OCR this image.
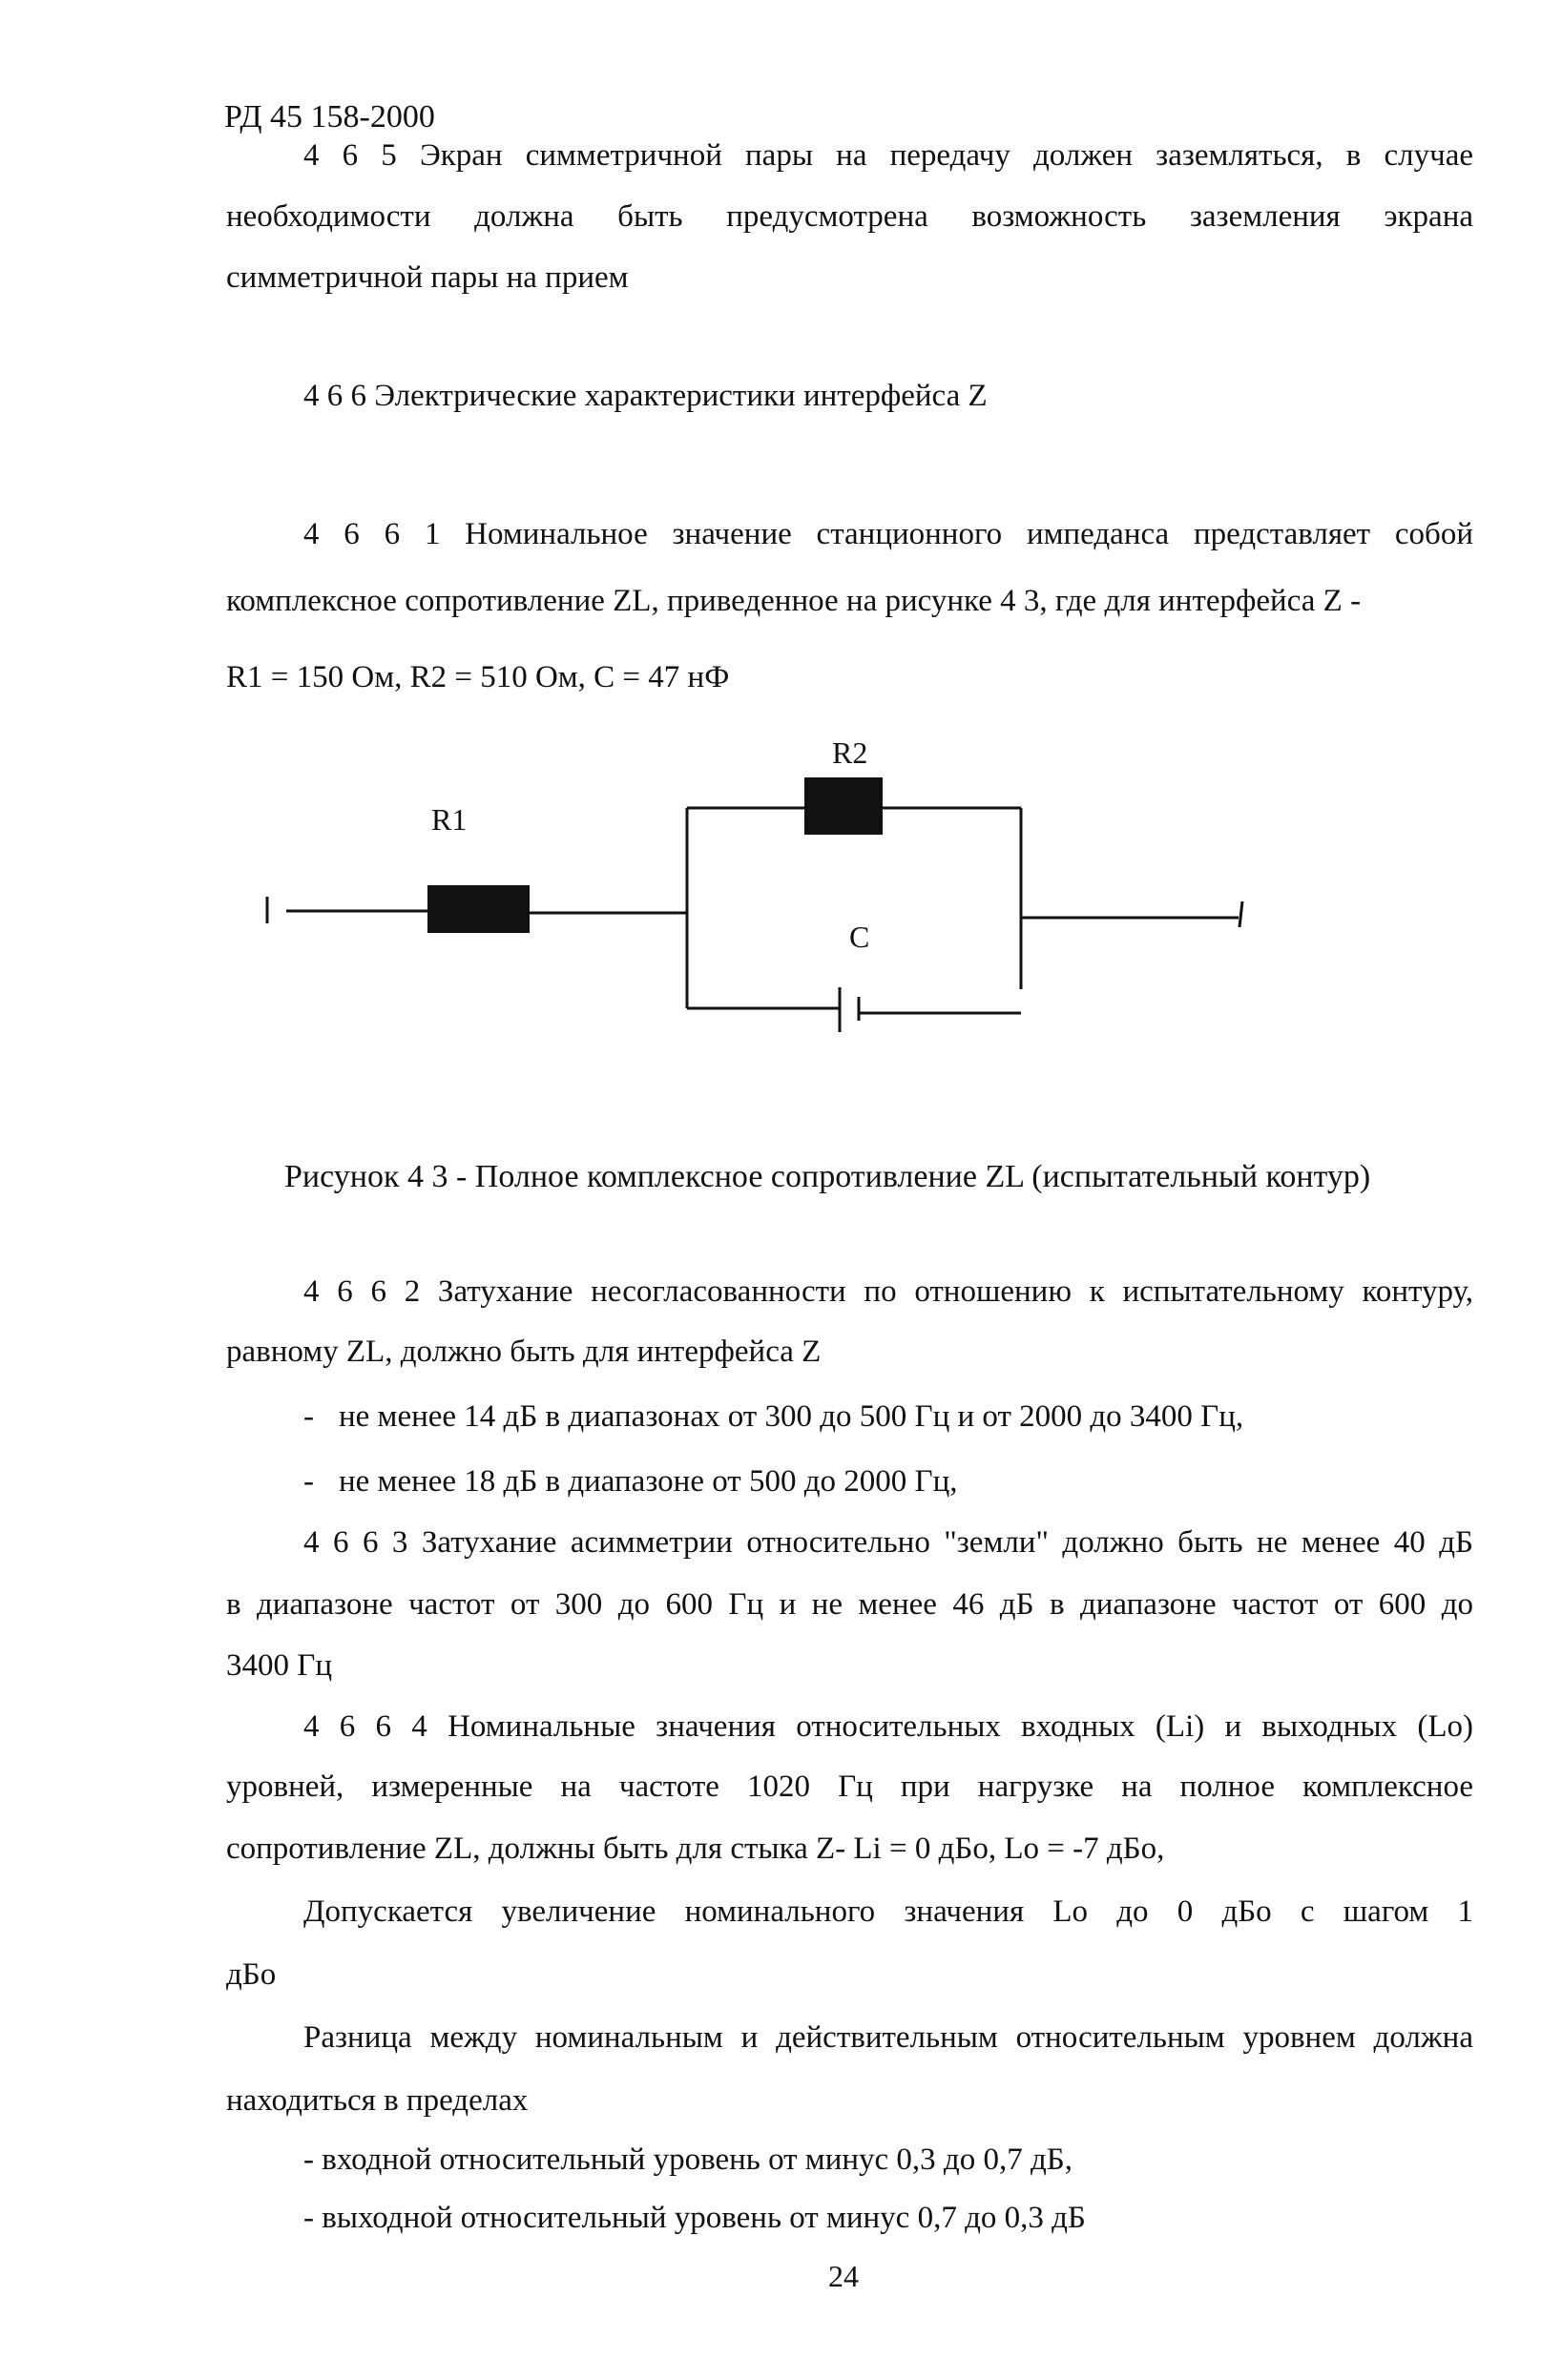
РД 45 158-2000
4 6 5 Экран симметричной пары на передачу должен заземляться, в случае
необходимости должна быть предусмотрена возможность заземления экрана
симметричной пары на прием
4 6 6 Электрические характеристики интерфейса Z
4 6 6 1 Номинальное значение станционного импеданса представляет собой
комплексное сопротивление ZL, приведенное на рисунке 4 3, где для интерфейса Z -
R1 = 150 Ом, R2 = 510 Ом, C = 47 нФ
R1
R2
C
Рисунок 4 3 - Полное комплексное сопротивление ZL (испытательный контур)
4 6 6 2 Затухание несогласованности по отношению к испытательному контуру,
равному ZL, должно быть для интерфейса Z
- не менее 14 дБ в диапазонах от 300 до 500 Гц и от 2000 до 3400 Гц,
- не менее 18 дБ в диапазоне от 500 до 2000 Гц,
4 6 6 3 Затухание асимметрии относительно "земли" должно быть не менее 40 дБ
в диапазоне частот от 300 до 600 Гц и не менее 46 дБ в диапазоне частот от 600 до
3400 Гц
4 6 6 4 Номинальные значения относительных входных (Li) и выходных (Lo)
уровней, измеренные на частоте 1020 Гц при нагрузке на полное комплексное
сопротивление ZL, должны быть для стыка Z- Li = 0 дБо, Lo = -7 дБо,
Допускается увеличение номинального значения Lo до 0 дБо с шагом 1
дБо
Разница между номинальным и действительным относительным уровнем должна
находиться в пределах
- входной относительный уровень от минус 0,3 до 0,7 дБ,
- выходной относительный уровень от минус 0,7 до 0,3 дБ
24
